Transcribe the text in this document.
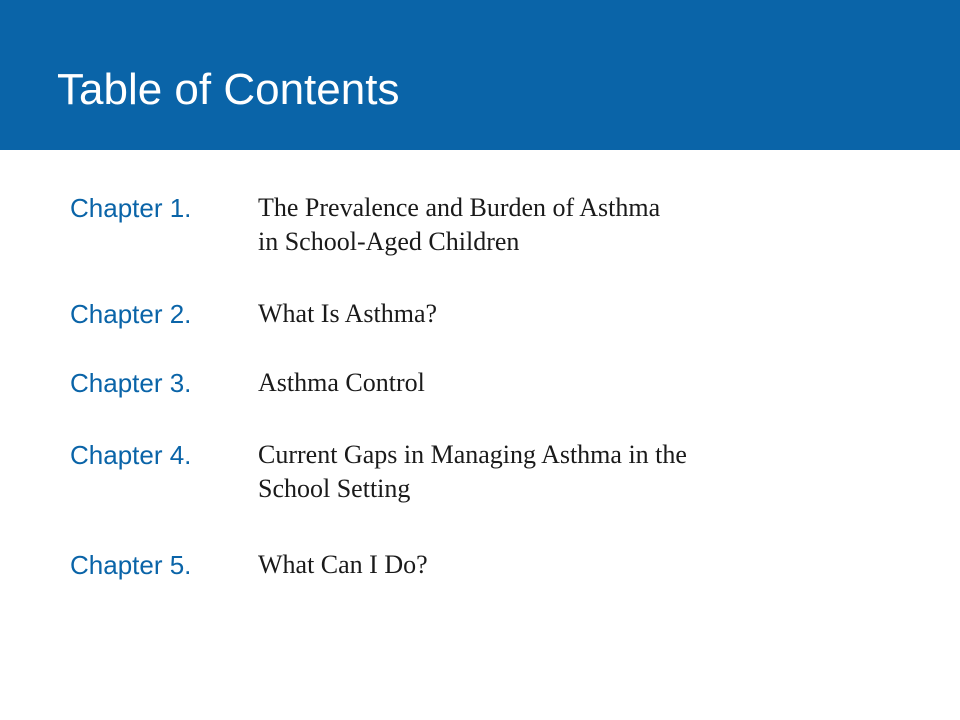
Table of Contents
Chapter 1.	The Prevalence and Burden of Asthma
in School-Aged Children
Chapter 2.	What Is Asthma?
Chapter 3.	Asthma Control
Chapter 4.	Current Gaps in Managing Asthma in the
School Setting
Chapter 5.	What Can I Do?
